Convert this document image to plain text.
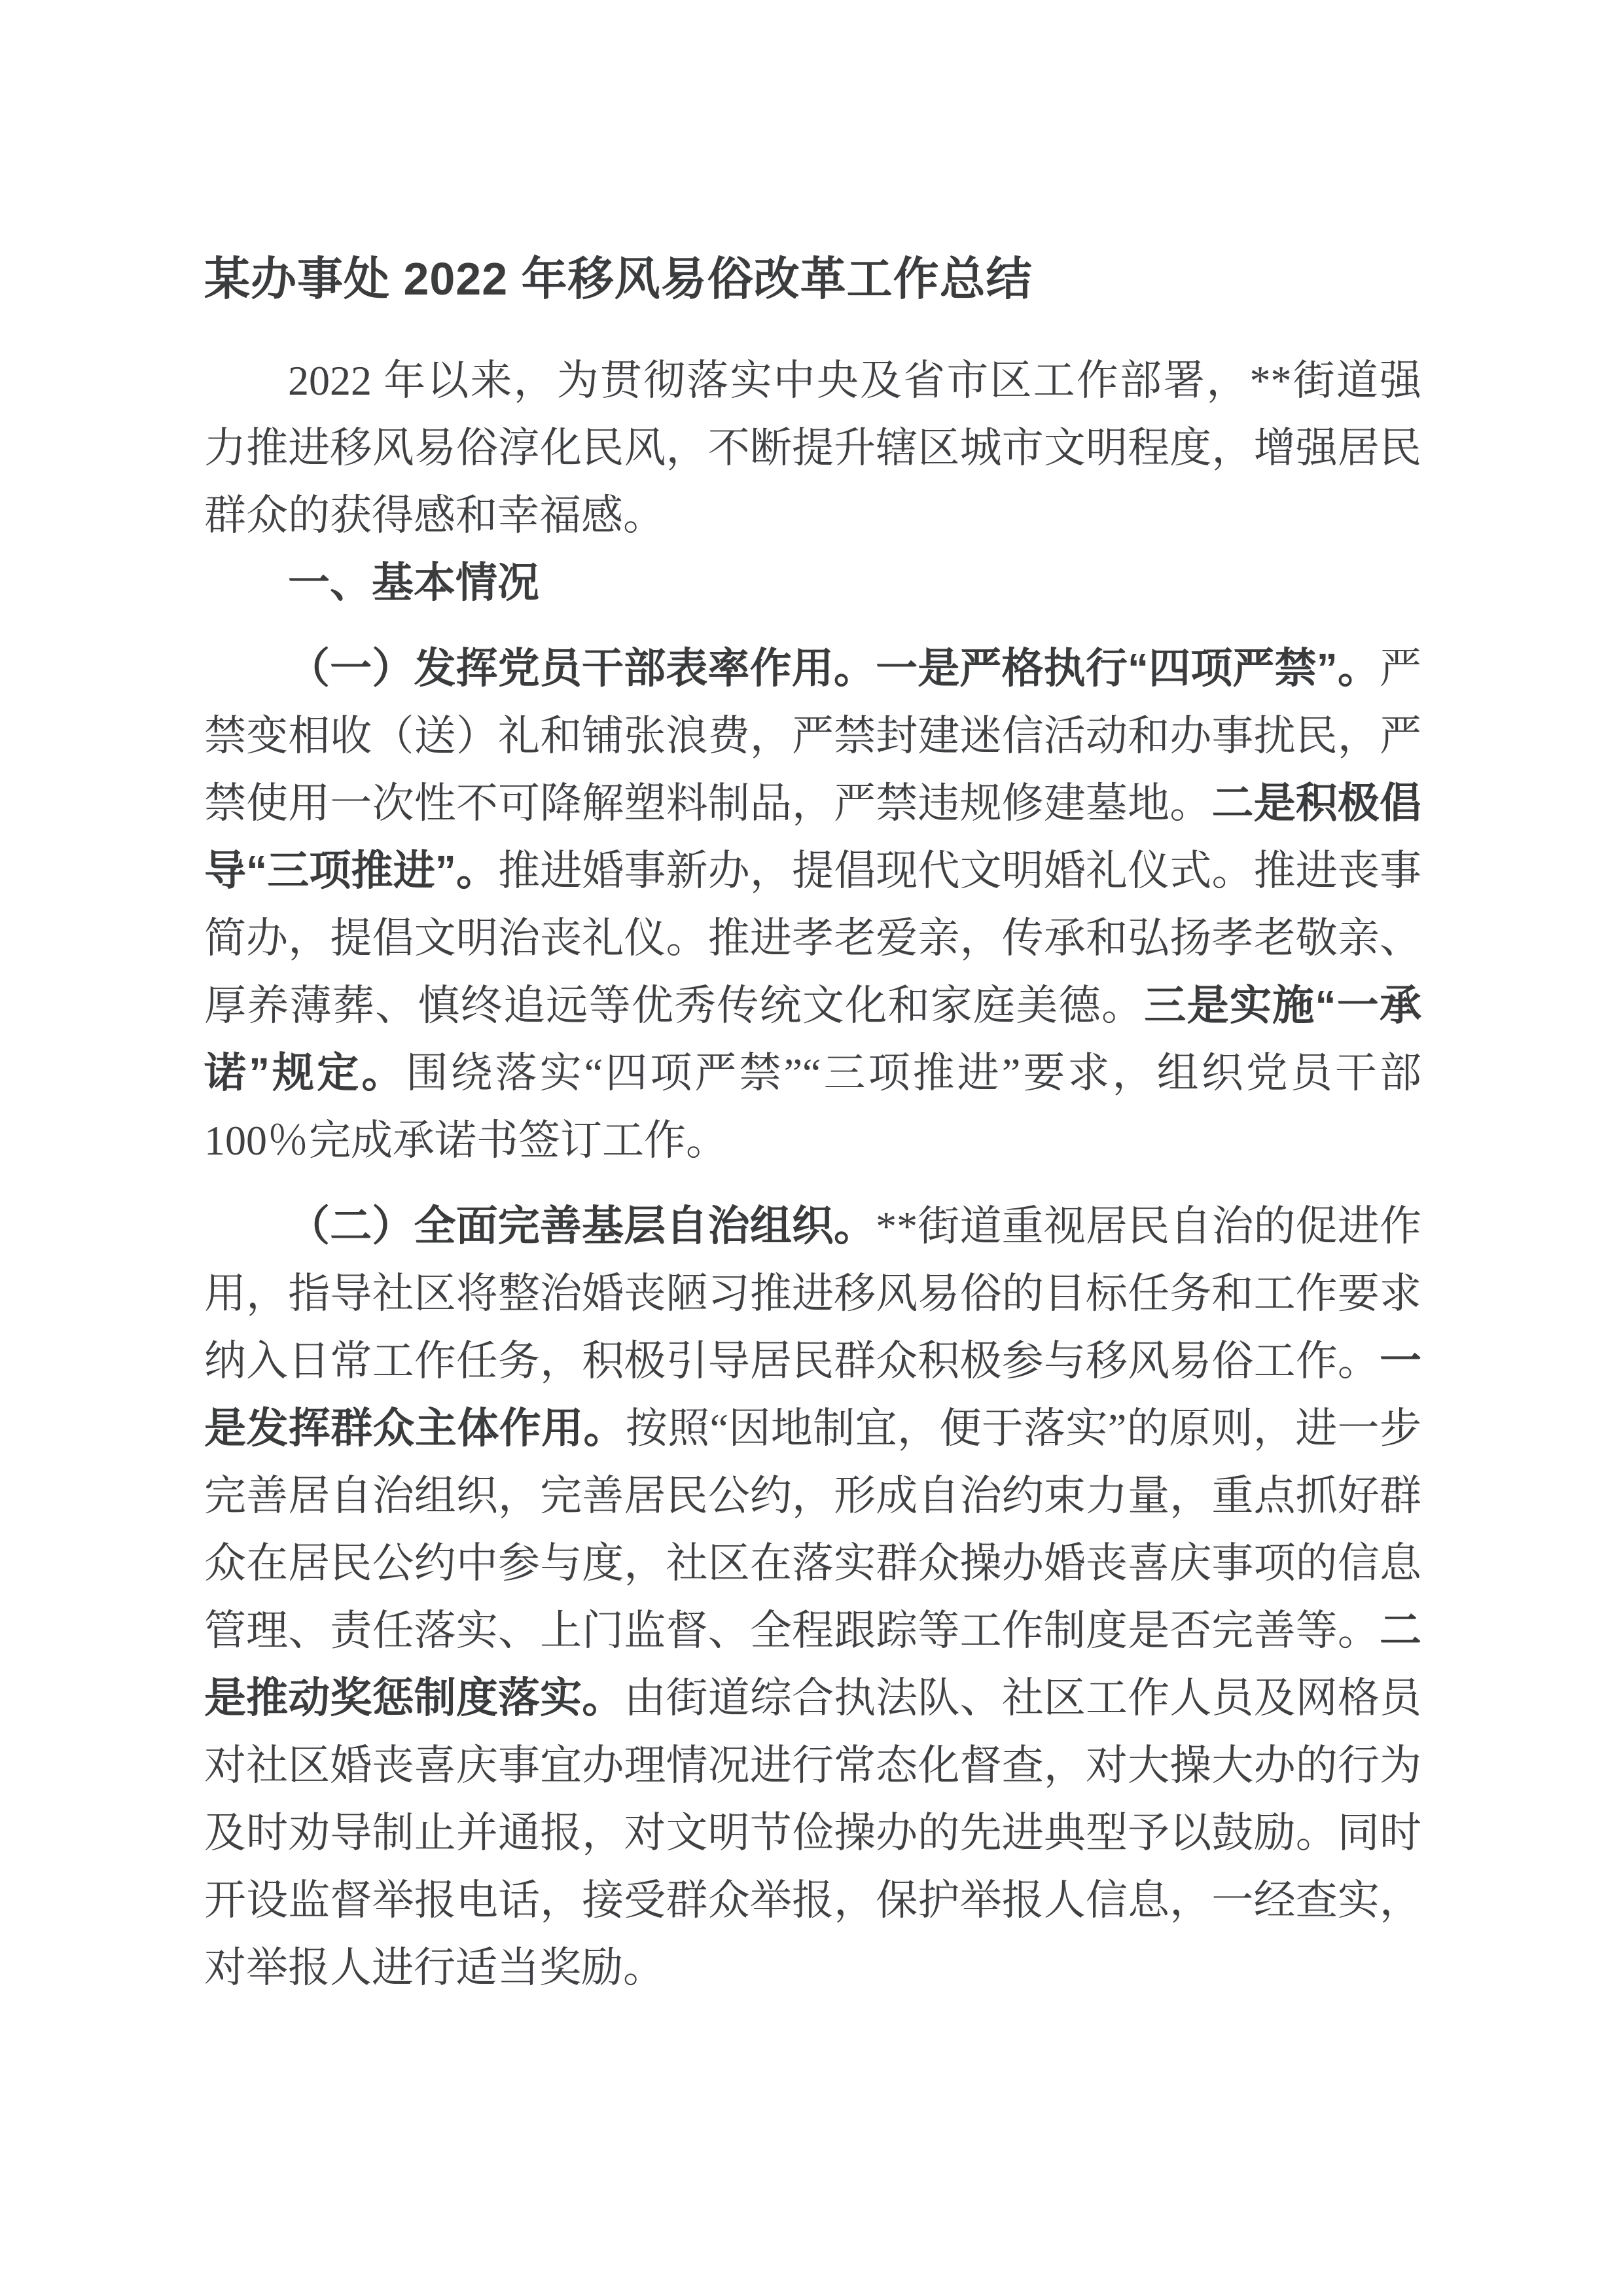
某办事处 2022 年移风易俗改革工作总结

2022 年以来，为贯彻落实中央及省市区工作部署，**街道强力推进移风易俗淳化民风，不断提升辖区城市文明程度，增强居民群众的获得感和幸福感。

一、基本情况

（一）发挥党员干部表率作用。一是严格执行“四项严禁”。严禁变相收（送）礼和铺张浪费，严禁封建迷信活动和办事扰民，严禁使用一次性不可降解塑料制品，严禁违规修建墓地。二是积极倡导“三项推进”。推进婚事新办，提倡现代文明婚礼仪式。推进丧事简办，提倡文明治丧礼仪。推进孝老爱亲，传承和弘扬孝老敬亲、厚养薄葬、慎终追远等优秀传统文化和家庭美德。三是实施“一承诺”规定。围绕落实“四项严禁”“三项推进”要求，组织党员干部 100％完成承诺书签订工作。

（二）全面完善基层自治组织。**街道重视居民自治的促进作用，指导社区将整治婚丧陋习推进移风易俗的目标任务和工作要求纳入日常工作任务，积极引导居民群众积极参与移风易俗工作。一是发挥群众主体作用。按照“因地制宜，便于落实”的原则，进一步完善居自治组织，完善居民公约，形成自治约束力量，重点抓好群众在居民公约中参与度，社区在落实群众操办婚丧喜庆事项的信息管理、责任落实、上门监督、全程跟踪等工作制度是否完善等。二是推动奖惩制度落实。由街道综合执法队、社区工作人员及网格员对社区婚丧喜庆事宜办理情况进行常态化督查，对大操大办的行为及时劝导制止并通报，对文明节俭操办的先进典型予以鼓励。同时开设监督举报电话，接受群众举报，保护举报人信息，一经查实，对举报人进行适当奖励。
